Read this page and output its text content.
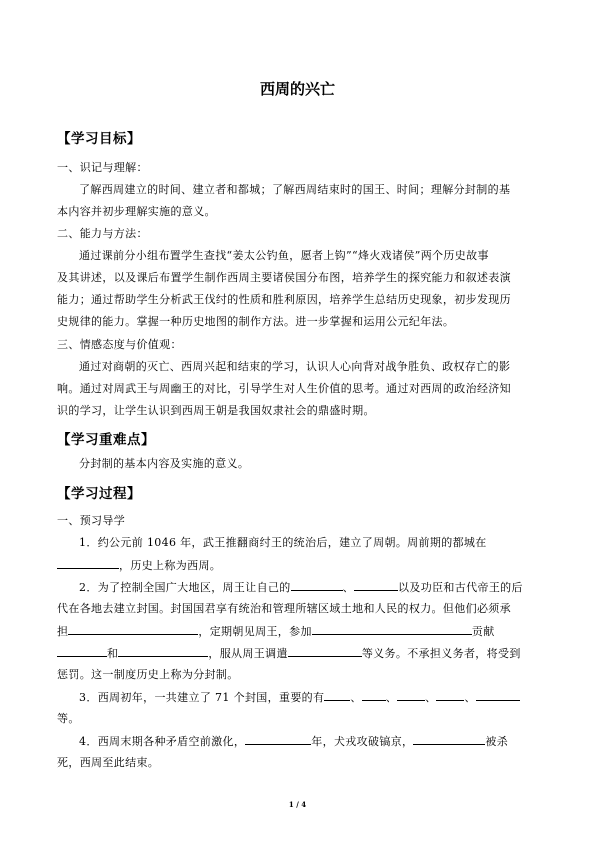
西周的兴亡
【学习目标】
一、识记与理解：
了解西周建立的时间、建立者和都城；了解西周结束时的国王、时间；理解分封制的基
本内容并初步理解实施的意义。
二、能力与方法：
通过课前分小组布置学生查找“姜太公钓鱼，愿者上钩”“烽火戏诸侯”两个历史故事
及其讲述，以及课后布置学生制作西周主要诸侯国分布图，培养学生的探究能力和叙述表演
能力；通过帮助学生分析武王伐纣的性质和胜利原因，培养学生总结历史现象，初步发现历
史规律的能力。掌握一种历史地图的制作方法。进一步掌握和运用公元纪年法。
三、情感态度与价值观：
通过对商朝的灭亡、西周兴起和结束的学习，认识人心向背对战争胜负、政权存亡的影
响。通过对周武王与周幽王的对比，引导学生对人生价值的思考。通过对西周的政治经济知
识的学习，让学生认识到西周王朝是我国奴隶社会的鼎盛时期。
【学习重难点】
分封制的基本内容及实施的意义。
【学习过程】
一、预习导学
1．约公元前 1046 年，武王推翻商纣王的统治后，建立了周朝。周前期的都城在
，历史上称为西周。
2．为了控制全国广大地区，周王让自己的	、	以及功臣和古代帝王的后
代在各地去建立封国。封国国君享有统治和管理所辖区域土地和人民的权力。但他们必须承
担	，定期朝见周王，参加	贡献
和	，服从周王调遣	等义务。不承担义务者，将受到
惩罚。这一制度历史上称为分封制。
3．西周初年，一共建立了 71 个封国，重要的有 、 、	、	、
等。
4．西周末期各种矛盾空前激化，	年，犬戎攻破镐京，	被杀
死，西周至此结束。
1 / 4
